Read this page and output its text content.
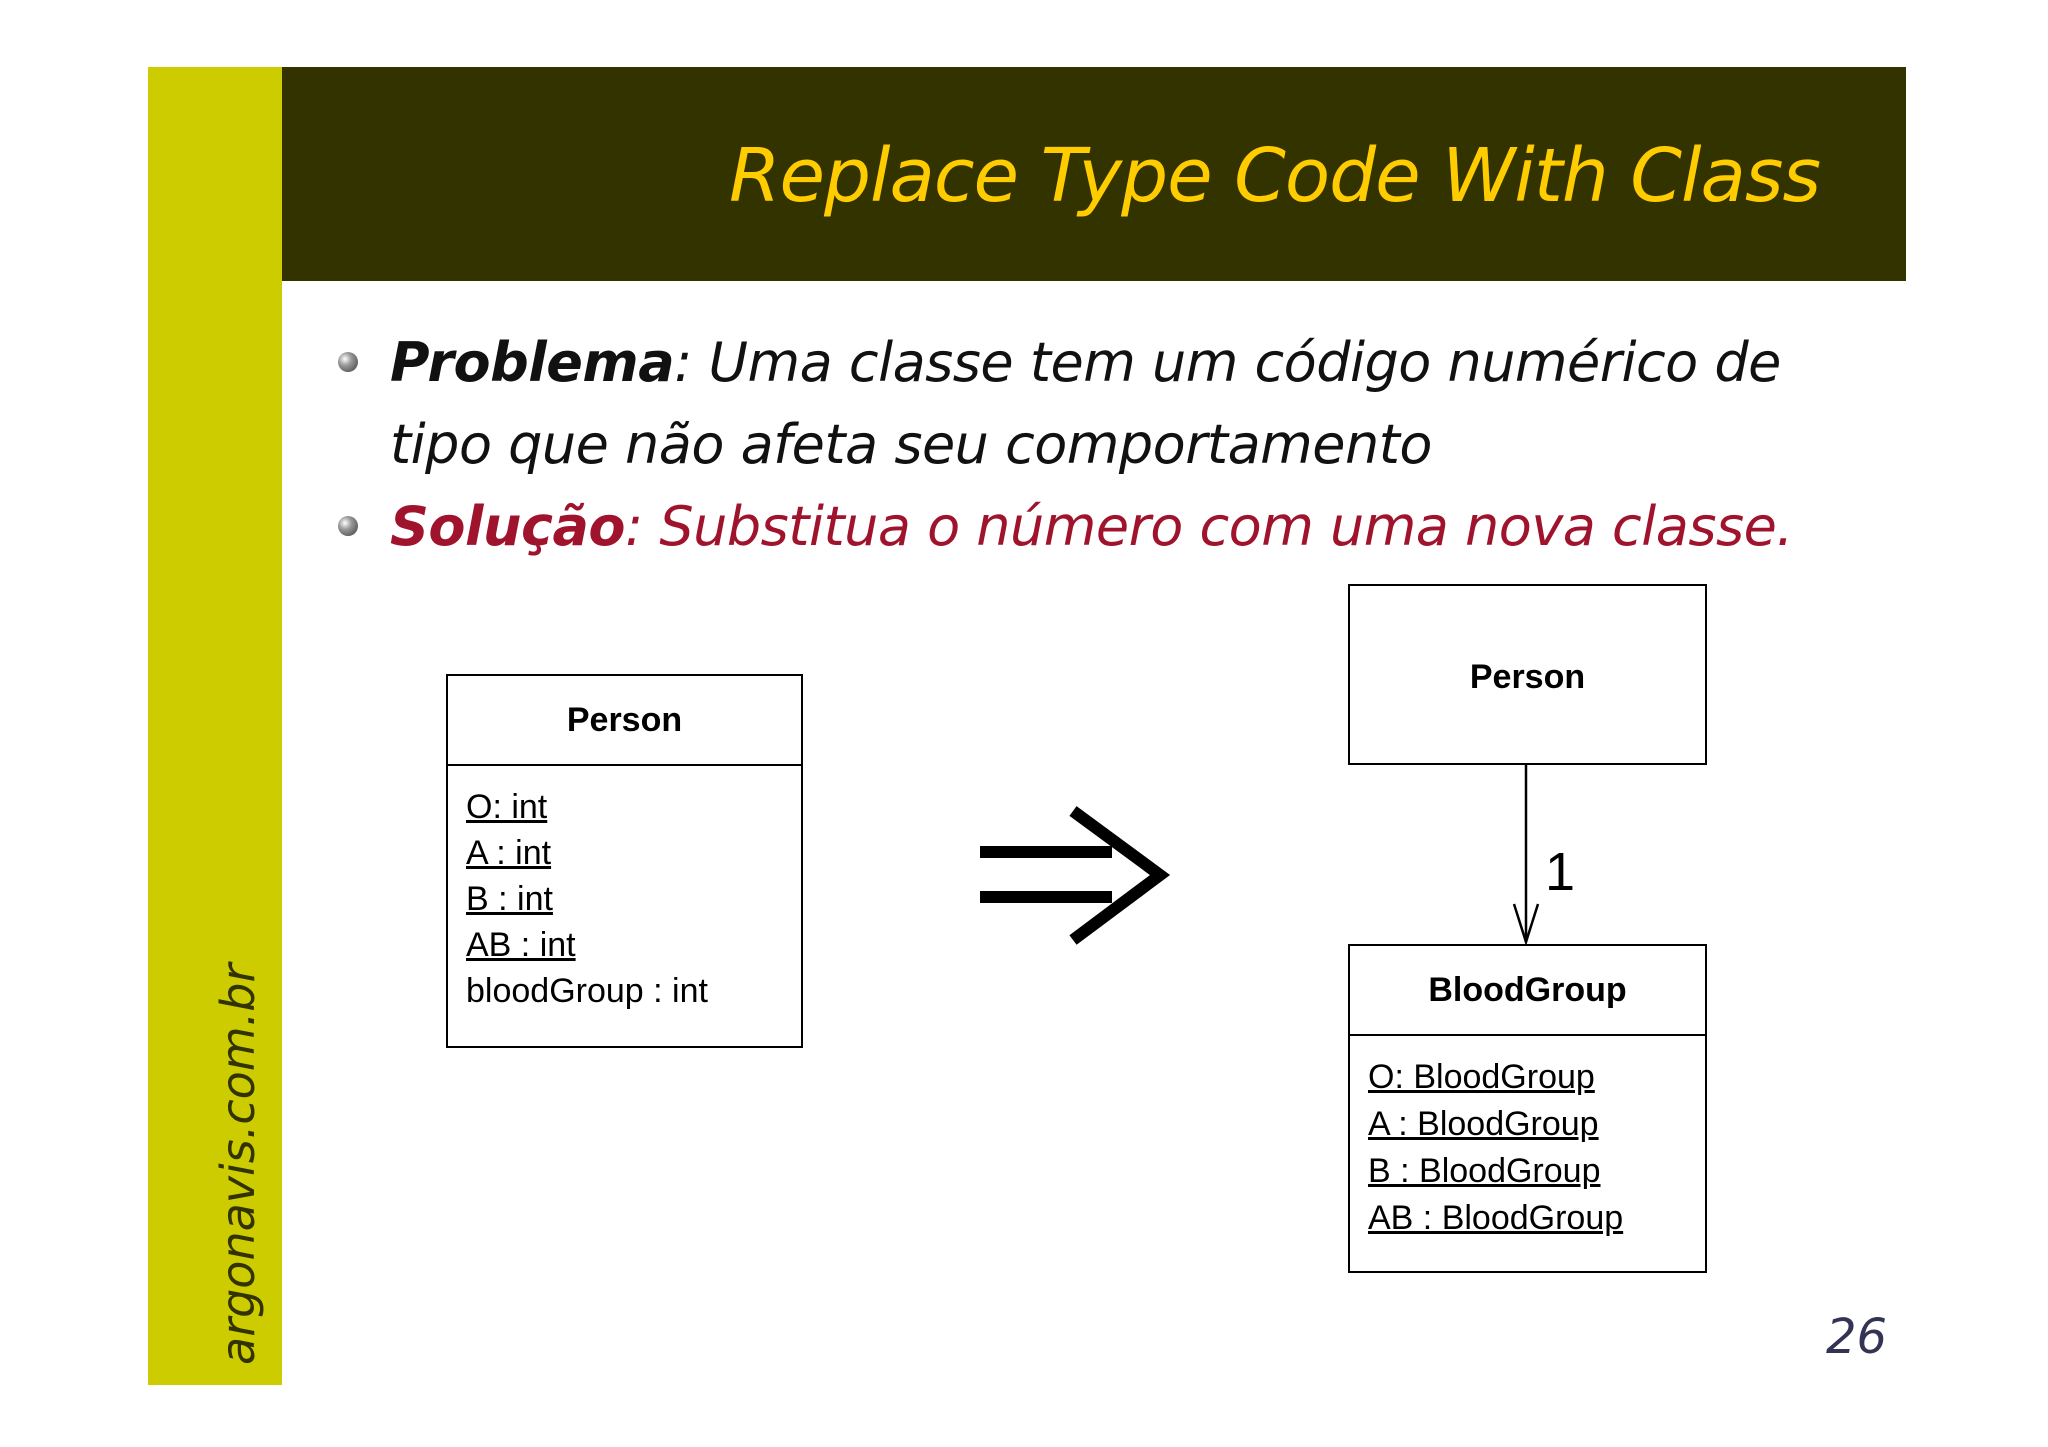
argonavis.com.br
Replace Type Code With Class
Problema: Uma classe tem um código numérico de tipo que não afeta seu comportamento
Solução: Substitua o número com uma nova classe.
Person
O: int
A : int
B : int
AB : int
bloodGroup : int
Person
BloodGroup
O: BloodGroup
A : BloodGroup
B : BloodGroup
AB : BloodGroup
1
26
